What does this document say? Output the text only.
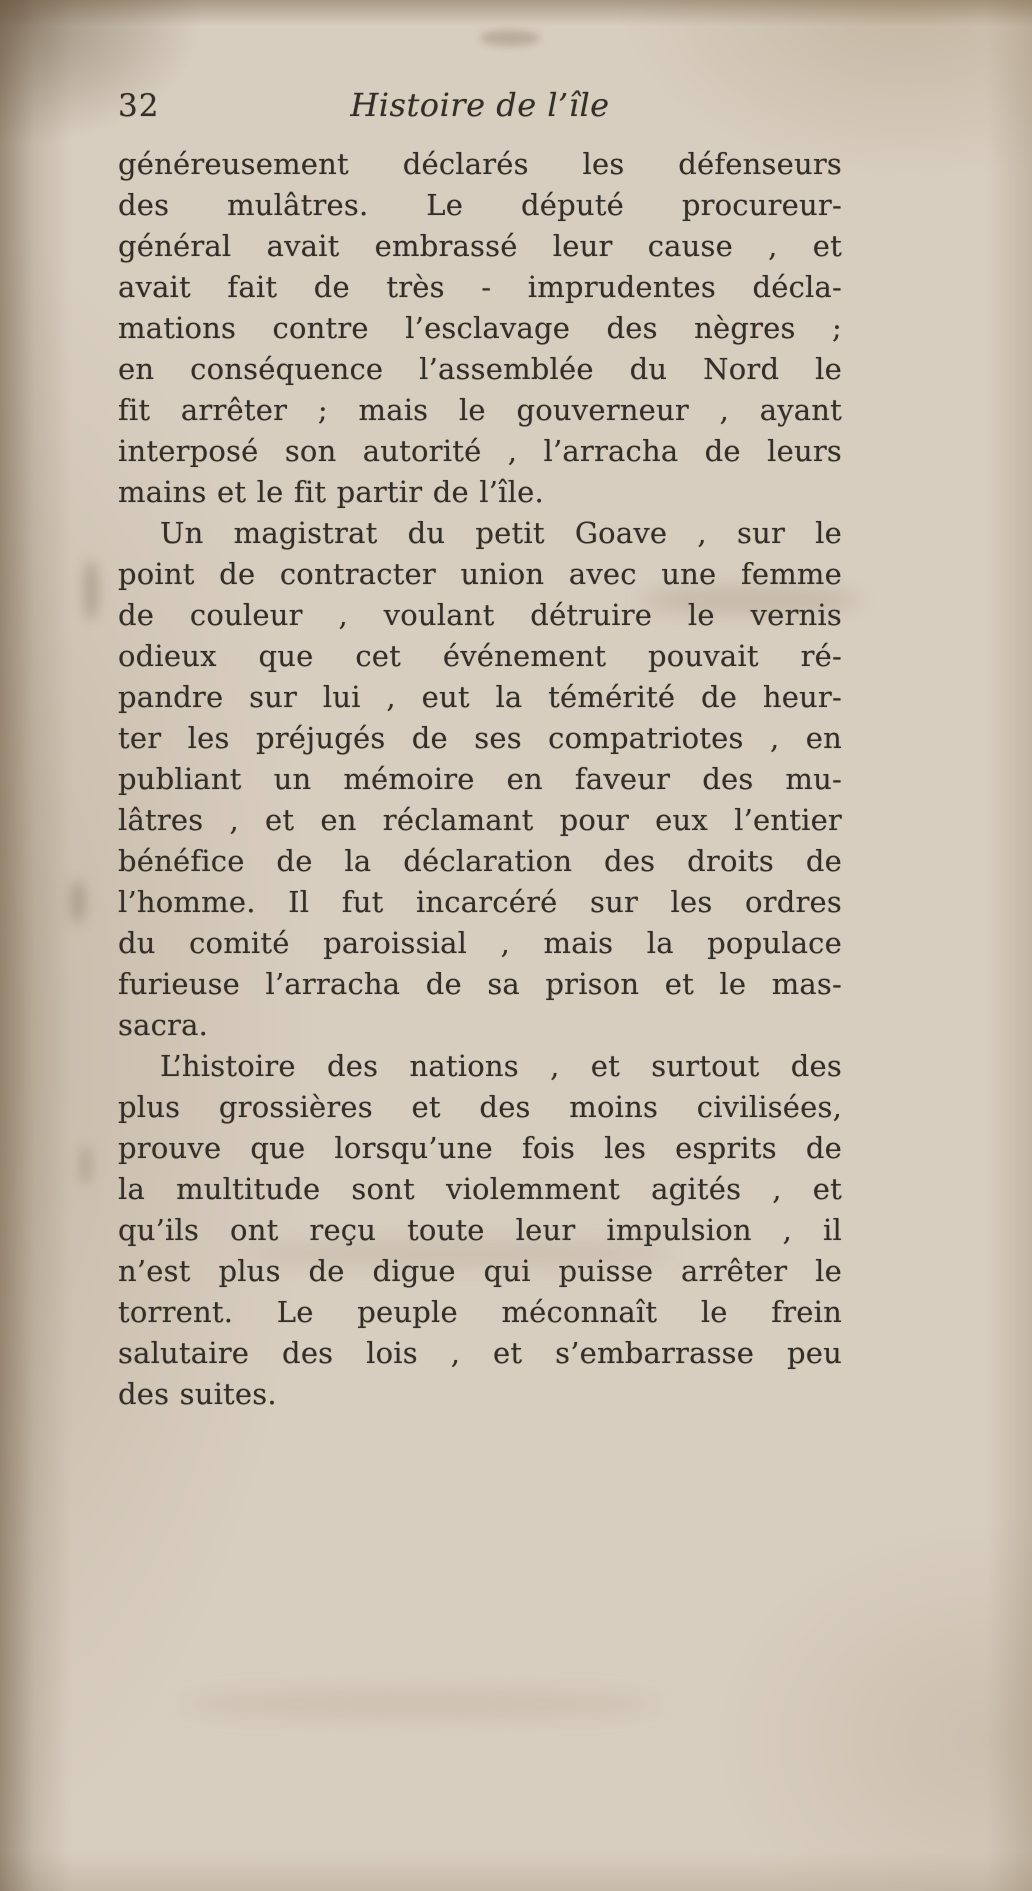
32	Histoire de l’île

généreusement déclarés les défenseurs
des mulâtres. Le député procureur-
général avait embrassé leur cause , et
avait fait de très - imprudentes décla-
mations contre l’esclavage des nègres ;
en conséquence l’assemblée du Nord le
fit arrêter ; mais le gouverneur , ayant
interposé son autorité , l’arracha de leurs
mains et le fit partir de l’île.

Un magistrat du petit Goave , sur le
point de contracter union avec une femme
de couleur , voulant détruire le vernis
odieux que cet événement pouvait ré-
pandre sur lui , eut la témérité de heur-
ter les préjugés de ses compatriotes , en
publiant un mémoire en faveur des mu-
lâtres , et en réclamant pour eux l’entier
bénéfice de la déclaration des droits de
l’homme. Il fut incarcéré sur les ordres
du comité paroissial , mais la populace
furieuse l’arracha de sa prison et le mas-
sacra.

L’histoire des nations , et surtout des
plus grossières et des moins civilisées,
prouve que lorsqu’une fois les esprits de
la multitude sont violemment agités , et
qu’ils ont reçu toute leur impulsion , il
n’est plus de digue qui puisse arrêter le
torrent. Le peuple méconnaît le frein
salutaire des lois , et s’embarrasse peu
des suites.
